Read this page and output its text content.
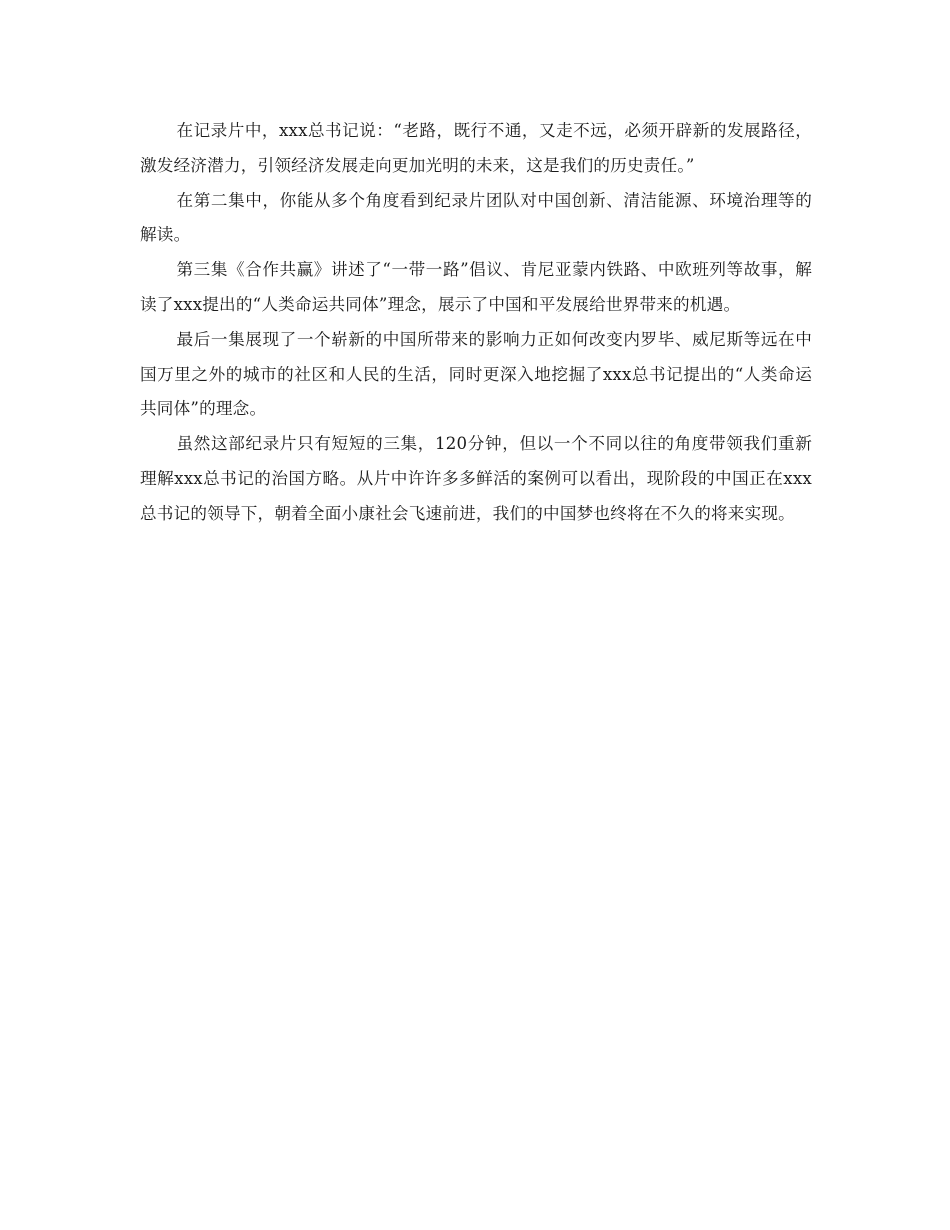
在记录片中，xxx总书记说：“老路，既行不通，又走不远，必须开辟新的发展路径，激发经济潜力，引领经济发展走向更加光明的未来，这是我们的历史责任。”

在第二集中，你能从多个角度看到纪录片团队对中国创新、清洁能源、环境治理等的解读。

第三集《合作共赢》讲述了“一带一路”倡议、肯尼亚蒙内铁路、中欧班列等故事，解读了xxx提出的“人类命运共同体”理念，展示了中国和平发展给世界带来的机遇。

最后一集展现了一个崭新的中国所带来的影响力正如何改变内罗毕、威尼斯等远在中国万里之外的城市的社区和人民的生活，同时更深入地挖掘了xxx总书记提出的“人类命运共同体”的理念。

虽然这部纪录片只有短短的三集，120分钟，但以一个不同以往的角度带领我们重新理解xxx总书记的治国方略。从片中许许多多鲜活的案例可以看出，现阶段的中国正在xxx总书记的领导下，朝着全面小康社会飞速前进，我们的中国梦也终将在不久的将来实现。
